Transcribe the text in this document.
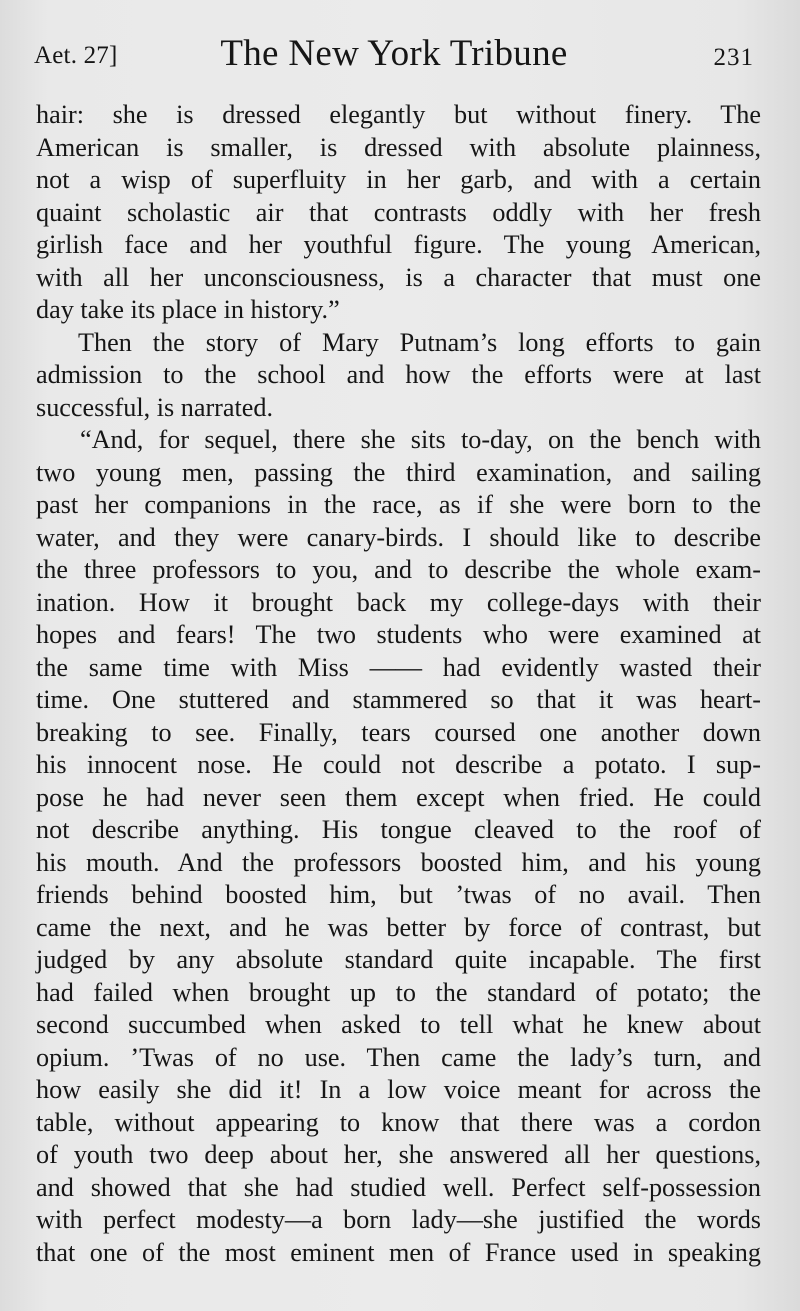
Aet. 27]	The New York Tribune	231
hair: she is dressed elegantly but without finery. The
American is smaller, is dressed with absolute plainness,
not a wisp of superfluity in her garb, and with a certain
quaint scholastic air that contrasts oddly with her fresh
girlish face and her youthful figure. The young American,
with all her unconsciousness, is a character that must one
day take its place in history.”
Then the story of Mary Putnam’s long efforts to gain
admission to the school and how the efforts were at last
successful, is narrated.
“And, for sequel, there she sits to-day, on the bench with
two young men, passing the third examination, and sailing
past her companions in the race, as if she were born to the
water, and they were canary-birds. I should like to describe
the three professors to you, and to describe the whole exam-
ination. How it brought back my college-days with their
hopes and fears! The two students who were examined at
the same time with Miss —— had evidently wasted their
time. One stuttered and stammered so that it was heart-
breaking to see. Finally, tears coursed one another down
his innocent nose. He could not describe a potato. I sup-
pose he had never seen them except when fried. He could
not describe anything. His tongue cleaved to the roof of
his mouth. And the professors boosted him, and his young
friends behind boosted him, but ’twas of no avail. Then
came the next, and he was better by force of contrast, but
judged by any absolute standard quite incapable. The first
had failed when brought up to the standard of potato; the
second succumbed when asked to tell what he knew about
opium. ’Twas of no use. Then came the lady’s turn, and
how easily she did it! In a low voice meant for across the
table, without appearing to know that there was a cordon
of youth two deep about her, she answered all her questions,
and showed that she had studied well. Perfect self-possession
with perfect modesty—a born lady—she justified the words
that one of the most eminent men of France used in speaking
